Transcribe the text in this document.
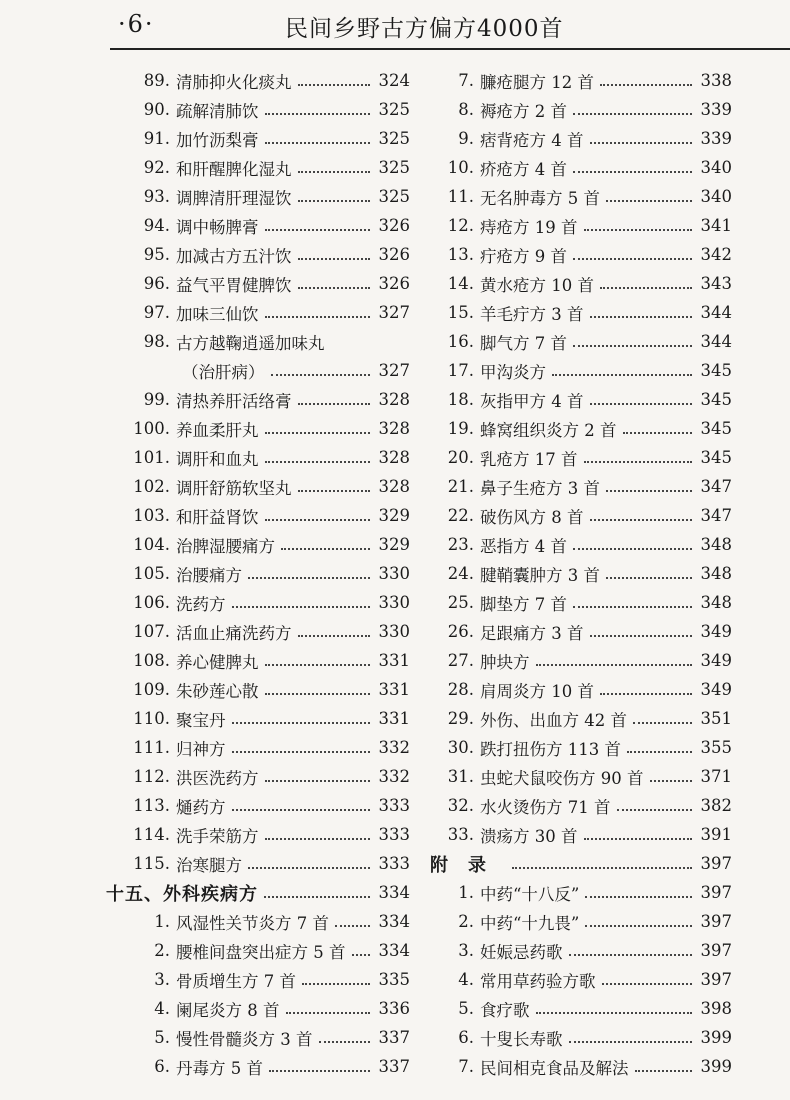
·6·	民间乡野古方偏方4000首
89. 清肺抑火化痰丸	324
90. 疏解清肺饮	325
91. 加竹沥梨膏	325
92. 和肝醒脾化湿丸	325
93. 调脾清肝理湿饮	325
94. 调中畅脾膏	326
95. 加减古方五汁饮	326
96. 益气平胃健脾饮	326
97. 加味三仙饮	327
98. 古方越鞠逍遥加味丸
（治肝病）	327
99. 清热养肝活络膏	328
100. 养血柔肝丸	328
101. 调肝和血丸	328
102. 调肝舒筋软坚丸	328
103. 和肝益肾饮	329
104. 治脾湿腰痛方	329
105. 治腰痛方	330
106. 洗药方	330
107. 活血止痛洗药方	330
108. 养心健脾丸	331
109. 朱砂莲心散	331
110. 聚宝丹	331
111. 归神方	332
112. 洪医洗药方	332
113. 熥药方	333
114. 洗手荣筋方	333
115. 治寒腿方	333
十五、外科疾病方	334
1. 风湿性关节炎方 7 首	334
2. 腰椎间盘突出症方 5 首 334
3. 骨质增生方 7 首	335
4. 阑尾炎方 8 首	336
5. 慢性骨髓炎方 3 首	337
6. 丹毒方 5 首	337
7. 臁疮腿方 12 首	338
8. 褥疮方 2 首	339
9. 痞背疮方 4 首	339
10. 疥疮方 4 首	340
11. 无名肿毒方 5 首	340
12. 痔疮方 19 首	341
13. 疔疮方 9 首	342
14. 黄水疮方 10 首	343
15. 羊毛疔方 3 首	344
16. 脚气方 7 首	344
17. 甲沟炎方	345
18. 灰指甲方 4 首	345
19. 蜂窝组织炎方 2 首	345
20. 乳疮方 17 首	345
21. 鼻子生疮方 3 首	347
22. 破伤风方 8 首	347
23. 恶指方 4 首	348
24. 腱鞘囊肿方 3 首	348
25. 脚垫方 7 首	348
26. 足跟痛方 3 首	349
27. 肿块方	349
28. 肩周炎方 10 首	349
29. 外伤、出血方 42 首	351
30. 跌打扭伤方 113 首	355
31. 虫蛇犬鼠咬伤方 90 首	371
32. 水火烫伤方 71 首	382
33. 溃疡方 30 首	391
附录	397
1. 中药“十八反”	397
2. 中药“十九畏”	397
3. 妊娠忌药歌	397
4. 常用草药验方歌	397
5. 食疗歌	398
6. 十叟长寿歌	399
7. 民间相克食品及解法	399
